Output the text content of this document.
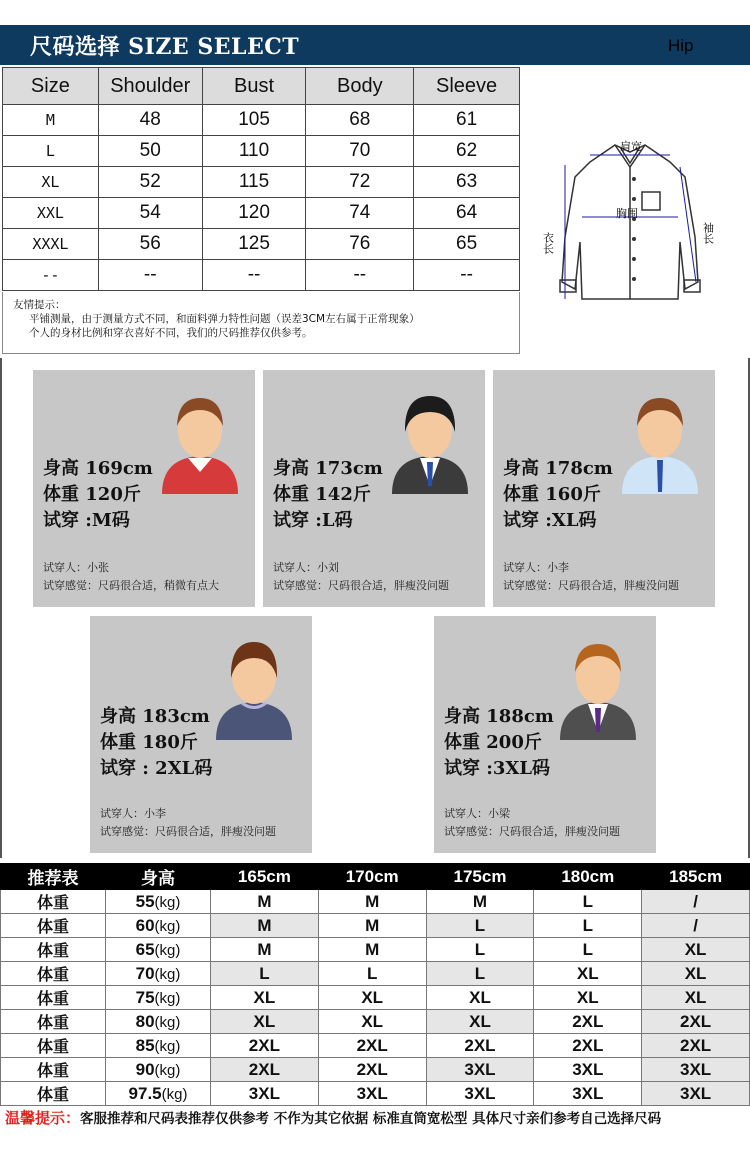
尺码选择 SIZE SELECT	Hip
Size	Shoulder	Bust	Body	Sleeve
M	48	105	68	61
L	50	110	70	62
XL	52	115	72	63
XXL	54	120	74	64
XXXL	56	125	76	65
--	--	--	--	--
友情提示：
平铺测量，由于测量方式不同，和面料弹力特性问题（误差3CM左右属于正常现象）
个人的身材比例和穿衣喜好不同，我们的尺码推荐仅供参考。
肩宽
胸围
衣长	袖长
身高 169cm
体重 120斤
试穿 :M码
试穿人：小张
试穿感觉：尺码很合适，稍微有点大
身高 173cm
体重 142斤
试穿 :L码
试穿人：小刘
试穿感觉：尺码很合适，胖瘦没问题
身高 178cm
体重 160斤
试穿 :XL码
试穿人：小李
试穿感觉：尺码很合适，胖瘦没问题
身高 183cm
体重 180斤
试穿 : 2XL码
试穿人：小李
试穿感觉：尺码很合适，胖瘦没问题
身高 188cm
体重 200斤
试穿 :3XL码
试穿人：小梁
试穿感觉：尺码很合适，胖瘦没问题
推荐表	身高	165cm	170cm	175cm	180cm	185cm
体重	55(kg)	M	M	M	L	/
体重	60(kg)	M	M	L	L	/
体重	65(kg)	M	M	L	L	XL
体重	70(kg)	L	L	L	XL	XL
体重	75(kg)	XL	XL	XL	XL	XL
体重	80(kg)	XL	XL	XL	2XL	2XL
体重	85(kg)	2XL	2XL	2XL	2XL	2XL
体重	90(kg)	2XL	2XL	3XL	3XL	3XL
体重	97.5(kg)	3XL	3XL	3XL	3XL	3XL
温馨提示：客服推荐和尺码表推荐仅供参考 不作为其它依据 标准直筒宽松型 具体尺寸亲们参考自己选择尺码
